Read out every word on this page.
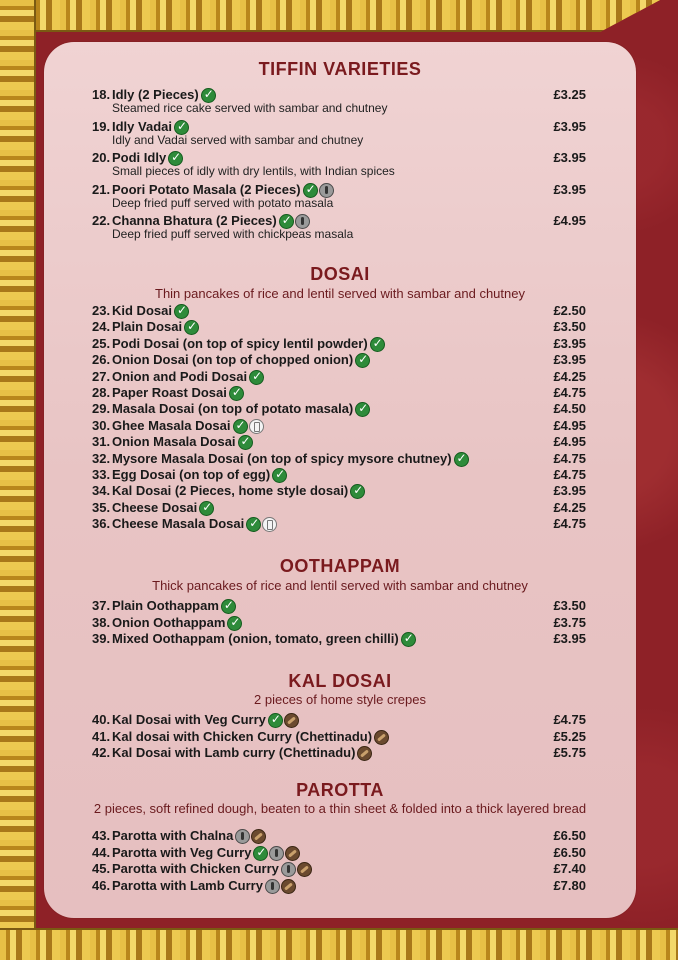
TIFFIN VARIETIES
18. Idly (2 Pieces) ✓	£3.25
Steamed rice cake served with sambar and chutney
19. Idly Vadai ✓	£3.95
Idly and Vadai served with sambar and chutney
20. Podi Idly ✓	£3.95
Small pieces of idly with dry lentils, with Indian spices
21. Poori Potato Masala (2 Pieces) ✓	£3.95
Deep fried puff served with potato masala
22. Channa Bhatura (2 Pieces) ✓	£4.95
Deep fried puff served with chickpeas masala
DOSAI
Thin pancakes of rice and lentil served with sambar and chutney
23. Kid Dosai ✓	£2.50
24. Plain Dosai ✓	£3.50
25. Podi Dosai (on top of spicy lentil powder) ✓	£3.95
26. Onion Dosai (on top of chopped onion) ✓	£3.95
27. Onion and Podi Dosai ✓	£4.25
28. Paper Roast Dosai ✓	£4.75
29. Masala Dosai (on top of potato masala) ✓	£4.50
30. Ghee Masala Dosai ✓	£4.95
31. Onion Masala Dosai ✓	£4.95
32. Mysore Masala Dosai (on top of spicy mysore chutney) ✓	£4.75
33. Egg Dosai (on top of egg) ✓	£4.75
34. Kal Dosai (2 Pieces, home style dosai) ✓	£3.95
35. Cheese Dosai ✓	£4.25
36. Cheese Masala Dosai ✓	£4.75
OOTHAPPAM
Thick pancakes of rice and lentil served with sambar and chutney
37. Plain Oothappam ✓	£3.50
38. Onion Oothappam ✓	£3.75
39. Mixed Oothappam (onion, tomato, green chilli) ✓	£3.95
KAL DOSAI
2 pieces of home style crepes
40. Kal Dosai with Veg Curry ✓	£4.75
41. Kal dosai with Chicken Curry (Chettinadu)	£5.25
42. Kal Dosai with Lamb curry (Chettinadu)	£5.75
PAROTTA
2 pieces, soft refined dough, beaten to a thin sheet & folded into a thick layered bread
43. Parotta with Chalna	£6.50
44. Parotta with Veg Curry ✓	£6.50
45. Parotta with Chicken Curry	£7.40
46. Parotta with Lamb Curry	£7.80
